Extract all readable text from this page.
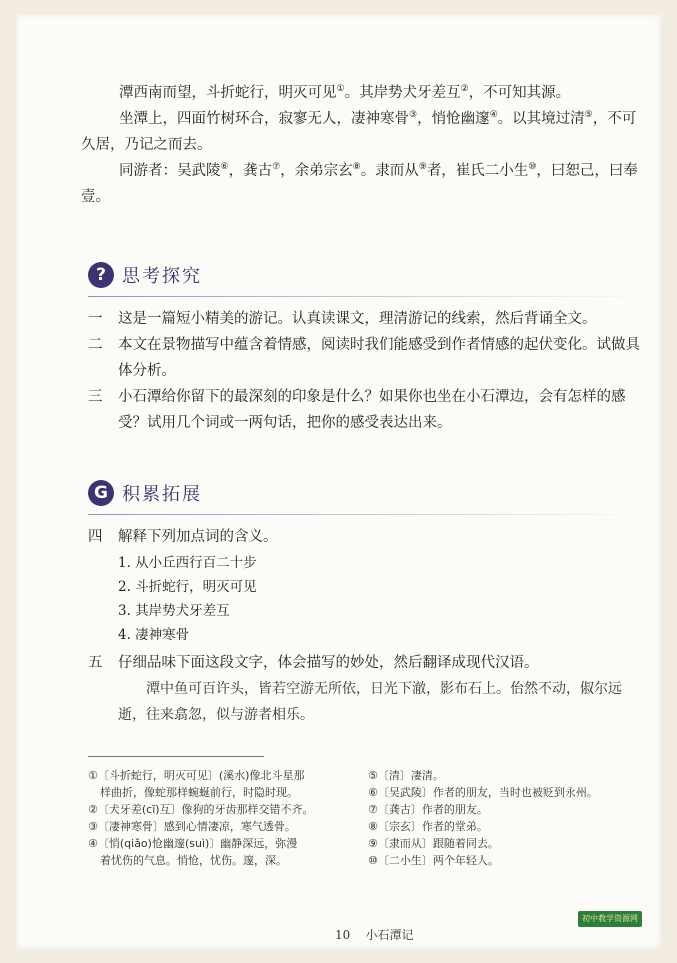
潭西南而望，斗折蛇行，明灭可见①。其岸势犬牙差互②，不可知其源。

坐潭上，四面竹树环合，寂寥无人，凄神寒骨③，悄怆幽邃④。以其境过清⑤，不可久居，乃记之而去。

同游者：吴武陵⑥，龚古⑦，余弟宗玄⑧。隶而从⑨者，崔氏二小生⑩，曰恕己，曰奉壹。

? 思考探究
一 这是一篇短小精美的游记。认真读课文，理清游记的线索，然后背诵全文。
二 本文在景物描写中蕴含着情感，阅读时我们能感受到作者情感的起伏变化。试做具体分析。
三 小石潭给你留下的最深刻的印象是什么？如果你也坐在小石潭边，会有怎样的感受？试用几个词或一两句话，把你的感受表达出来。
G 积累拓展
四 解释下列加点词的含义。
1. 从小丘西行百二十步
2. 斗折蛇行，明灭可见
3. 其岸势犬牙差互
4. 凄神寒骨
五 仔细品味下面这段文字，体会描写的妙处，然后翻译成现代汉语。
潭中鱼可百许头，皆若空游无所依，日光下澈，影布石上。佁然不动，俶尔远逝，往来翕忽，似与游者相乐。
①〔斗折蛇行，明灭可见〕(溪水)像北斗星那
样曲折，像蛇那样蜿蜒前行，时隐时现。
②〔犬牙差(cī)互〕像狗的牙齿那样交错不齐。
③〔凄神寒骨〕感到心情凄凉，寒气透骨。
④〔悄(qiǎo)怆幽邃(suì)〕幽静深远，弥漫
着忧伤的气息。悄怆，忧伤。邃，深。
⑤〔清〕凄清。
⑥〔吴武陵〕作者的朋友，当时也被贬到永州。
⑦〔龚古〕作者的朋友。
⑧〔宗玄〕作者的堂弟。
⑨〔隶而从〕跟随着同去。
⑩〔二小生〕两个年轻人。
10 小石潭记
初中教学资源网
